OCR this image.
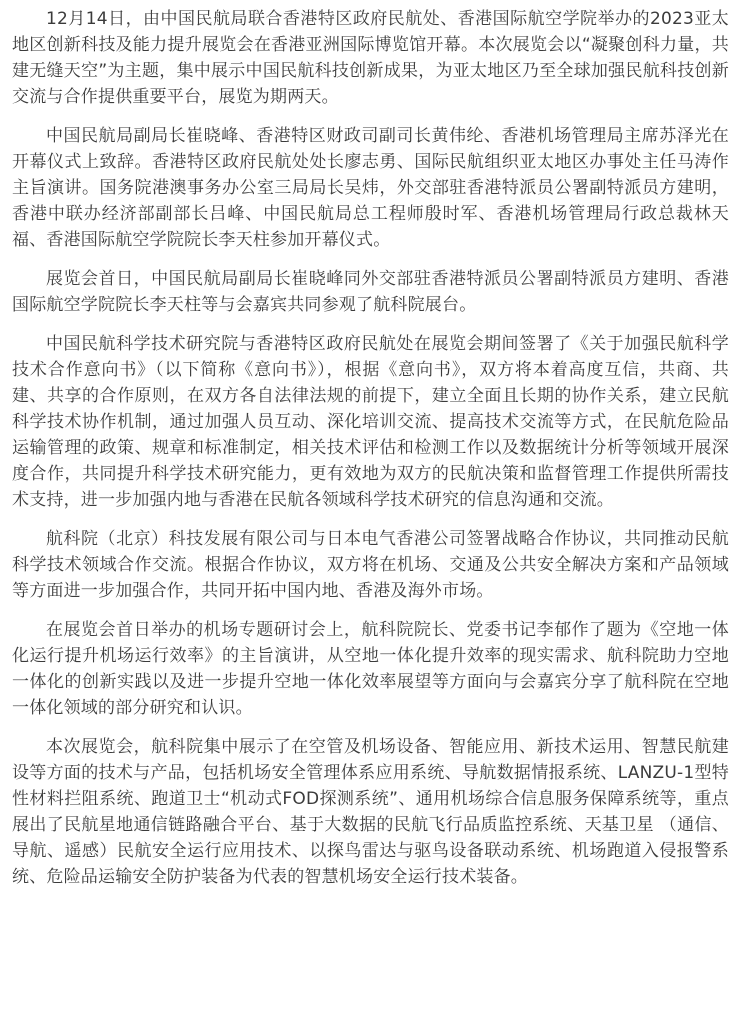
12月14日，由中国民航局联合香港特区政府民航处、香港国际航空学院举办的2023亚太地区创新科技及能力提升展览会在香港亚洲国际博览馆开幕。本次展览会以“凝聚创科力量，共建无缝天空”为主题，集中展示中国民航科技创新成果，为亚太地区乃至全球加强民航科技创新交流与合作提供重要平台，展览为期两天。

中国民航局副局长崔晓峰、香港特区财政司副司长黄伟纶、香港机场管理局主席苏泽光在开幕仪式上致辞。香港特区政府民航处处长廖志勇、国际民航组织亚太地区办事处主任马涛作主旨演讲。国务院港澳事务办公室三局局长吴炜，外交部驻香港特派员公署副特派员方建明，香港中联办经济部副部长吕峰、中国民航局总工程师殷时军、香港机场管理局行政总裁林天福、香港国际航空学院院长李天柱参加开幕仪式。

展览会首日，中国民航局副局长崔晓峰同外交部驻香港特派员公署副特派员方建明、香港国际航空学院院长李天柱等与会嘉宾共同参观了航科院展台。

中国民航科学技术研究院与香港特区政府民航处在展览会期间签署了《关于加强民航科学技术合作意向书》（以下简称《意向书》），根据《意向书》，双方将本着高度互信，共商、共建、共享的合作原则，在双方各自法律法规的前提下，建立全面且长期的协作关系，建立民航科学技术协作机制，通过加强人员互动、深化培训交流、提高技术交流等方式，在民航危险品运输管理的政策、规章和标准制定，相关技术评估和检测工作以及数据统计分析等领域开展深度合作，共同提升科学技术研究能力，更有效地为双方的民航决策和监督管理工作提供所需技术支持，进一步加强内地与香港在民航各领域科学技术研究的信息沟通和交流。

航科院（北京）科技发展有限公司与日本电气香港公司签署战略合作协议，共同推动民航科学技术领域合作交流。根据合作协议，双方将在机场、交通及公共安全解决方案和产品领域等方面进一步加强合作，共同开拓中国内地、香港及海外市场。

在展览会首日举办的机场专题研讨会上，航科院院长、党委书记李郁作了题为《空地一体化运行提升机场运行效率》的主旨演讲，从空地一体化提升效率的现实需求、航科院助力空地一体化的创新实践以及进一步提升空地一体化效率展望等方面向与会嘉宾分享了航科院在空地一体化领域的部分研究和认识。

本次展览会，航科院集中展示了在空管及机场设备、智能应用、新技术运用、智慧民航建设等方面的技术与产品，包括机场安全管理体系应用系统、导航数据情报系统、LANZU-1型特性材料拦阻系统、跑道卫士“机动式FOD探测系统”、通用机场综合信息服务保障系统等，重点展出了民航星地通信链路融合平台、基于大数据的民航飞行品质监控系统、天基卫星 （通信、导航、遥感）民航安全运行应用技术、以探鸟雷达与驱鸟设备联动系统、机场跑道入侵报警系统、危险品运输安全防护装备为代表的智慧机场安全运行技术装备。
